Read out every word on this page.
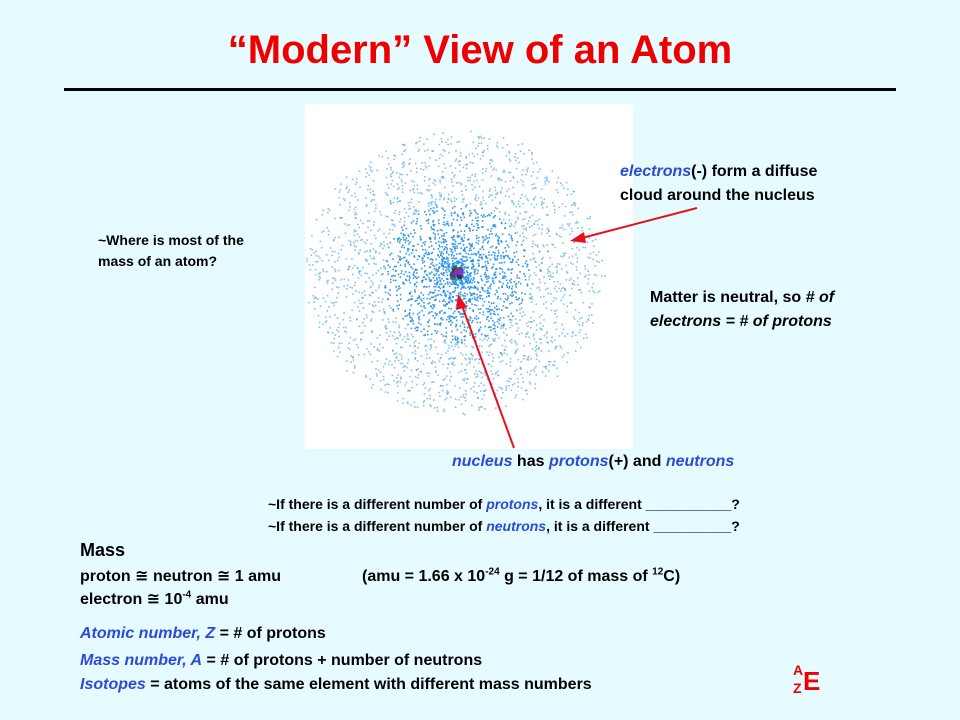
“Modern” View of an Atom
electrons(-) form a diffuse
cloud around the nucleus
~Where is most of the
mass of an atom?
Matter is neutral, so # of
electrons = # of protons
nucleus has protons(+) and neutrons
~If there is a different number of protons, it is a different ___________?
~If there is a different number of neutrons, it is a different __________?
Mass
proton ≅ neutron ≅ 1 amu
electron ≅ $10^{-4}$ amu
(amu = 1.66 x $10^{-24}$ g = 1/12 of mass of $^{12}$C)
Atomic number, Z = # of protons
Mass number, A = # of protons + number of neutrons
Isotopes = atoms of the same element with different mass numbers
A E
Z
